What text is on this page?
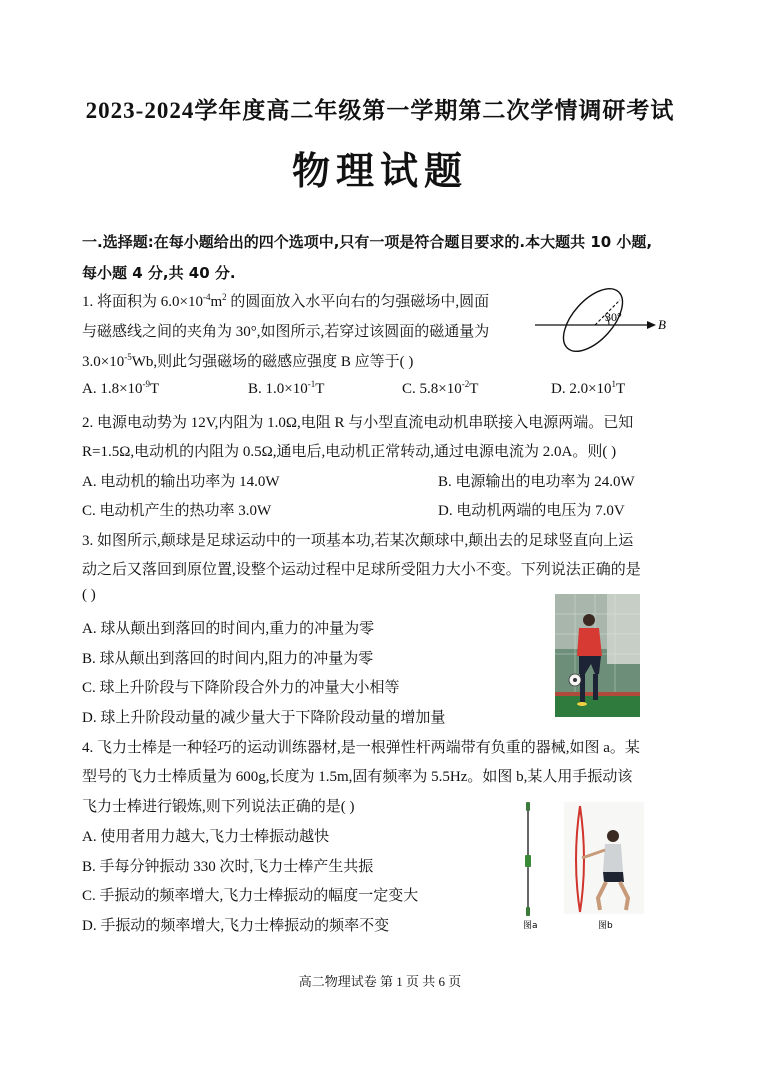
2023-2024学年度高二年级第一学期第二次学情调研考试
物理试题
一.选择题:在每小题给出的四个选项中,只有一项是符合题目要求的.本大题共 10 小题,
每小题 4 分,共 40 分.
1. 将面积为 $6.0\times 10^{-4}m^2$ 的圆面放入水平向右的匀强磁场中,圆面
与磁感线之间的夹角为 30°,如图所示,若穿过该圆面的磁通量为
$3.0\times 10^{-5}Wb$,则此匀强磁场的磁感应强度 B 应等于( )
A. $1.8\times 10^{-9}T$	B. $1.0\times 10^{-1}T$	C. $5.8\times 10^{-2}T$	D. $2.0\times 10^1T$
30°	B
2. 电源电动势为 12V,内阻为 1.0Ω,电阻 R 与小型直流电动机串联接入电源两端。已知
R=1.5Ω,电动机的内阻为 0.5Ω,通电后,电动机正常转动,通过电源电流为 2.0A。则( )
A. 电动机的输出功率为 14.0W	B. 电源输出的电功率为 24.0W
C. 电动机产生的热功率 3.0W	D. 电动机两端的电压为 7.0V
3. 如图所示,颠球是足球运动中的一项基本功,若某次颠球中,颠出去的足球竖直向上运
动之后又落回到原位置,设整个运动过程中足球所受阻力大小不变。下列说法正确的是
( )
A. 球从颠出到落回的时间内,重力的冲量为零
B. 球从颠出到落回的时间内,阻力的冲量为零
C. 球上升阶段与下降阶段合外力的冲量大小相等
D. 球上升阶段动量的减少量大于下降阶段动量的增加量
4. 飞力士棒是一种轻巧的运动训练器材,是一根弹性杆两端带有负重的器械,如图 a。某
型号的飞力士棒质量为 600g,长度为 1.5m,固有频率为 5.5Hz。如图 b,某人用手振动该
飞力士棒进行锻炼,则下列说法正确的是( )
A. 使用者用力越大,飞力士棒振动越快
B. 手每分钟振动 330 次时,飞力士棒产生共振
C. 手振动的频率增大,飞力士棒振动的幅度一定变大
D. 手振动的频率增大,飞力士棒振动的频率不变	图a	图b
高二物理试卷 第 1 页 共 6 页
